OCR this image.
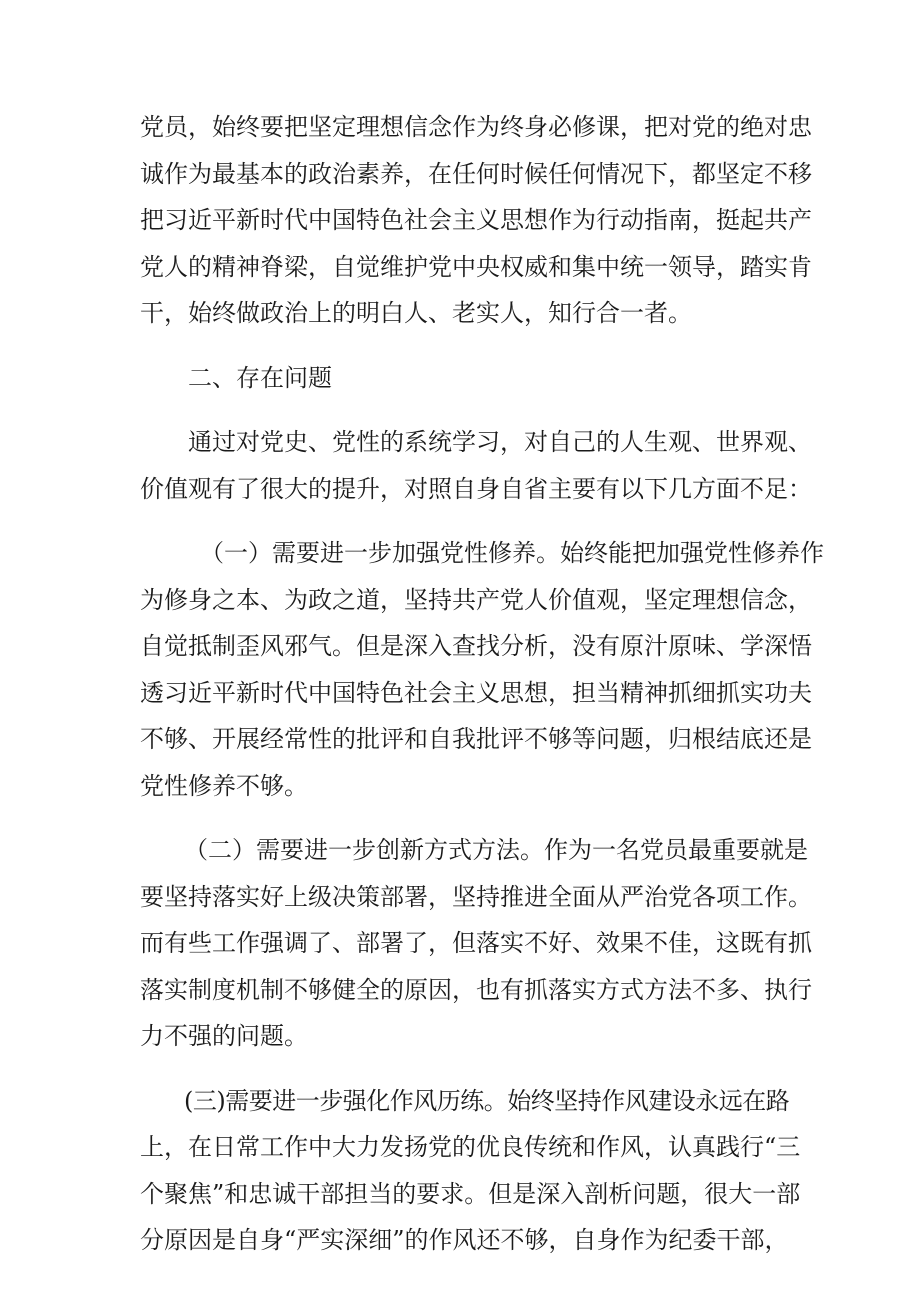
党员，始终要把坚定理想信念作为终身必修课，把对党的绝对忠
诚作为最基本的政治素养，在任何时候任何情况下，都坚定不移
把习近平新时代中国特色社会主义思想作为行动指南，挺起共产
党人的精神脊梁，自觉维护党中央权威和集中统一领导，踏实肯
干，始终做政治上的明白人、老实人，知行合一者。
二、存在问题
通过对党史、党性的系统学习，对自己的人生观、世界观、
价值观有了很大的提升，对照自身自省主要有以下几方面不足：
（一）需要进一步加强党性修养。始终能把加强党性修养作
为修身之本、为政之道，坚持共产党人价值观，坚定理想信念，
自觉抵制歪风邪气。但是深入查找分析，没有原汁原味、学深悟
透习近平新时代中国特色社会主义思想，担当精神抓细抓实功夫
不够、开展经常性的批评和自我批评不够等问题，归根结底还是
党性修养不够。
（二）需要进一步创新方式方法。作为一名党员最重要就是
要坚持落实好上级决策部署，坚持推进全面从严治党各项工作。
而有些工作强调了、部署了，但落实不好、效果不佳，这既有抓
落实制度机制不够健全的原因，也有抓落实方式方法不多、执行
力不强的问题。
(三)需要进一步强化作风历练。始终坚持作风建设永远在路
上，在日常工作中大力发扬党的优良传统和作风，认真践行“三
个聚焦”和忠诚干部担当的要求。但是深入剖析问题，很大一部
分原因是自身“严实深细”的作风还不够，自身作为纪委干部，
